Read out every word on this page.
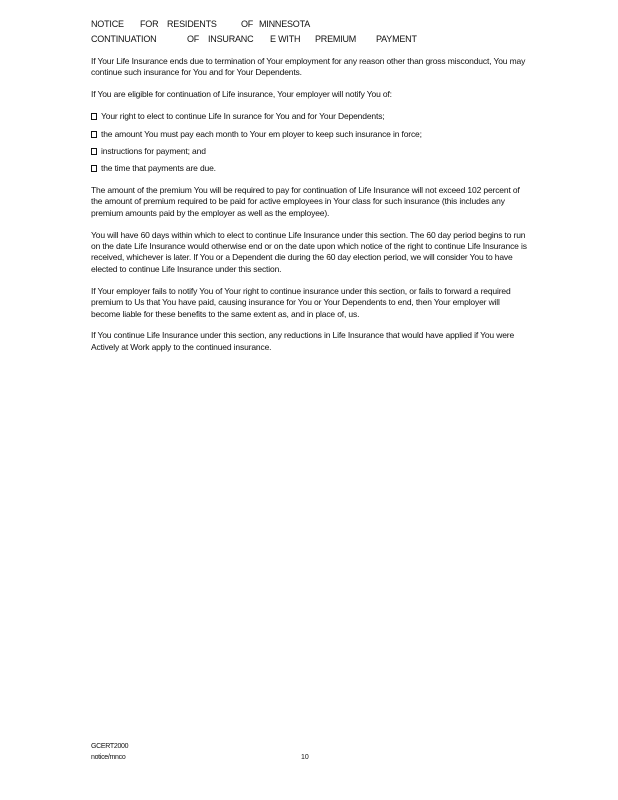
NOTICE	FOR RESIDENTS	OF MINNESOTA
CONTINUATION	OF INSURANC	E WITH	PREMIUM	PAYMENT

If Your Life Insurance ends due to termination of Your employment for any reason other than gross misconduct, You may continue such insurance for You and for Your Dependents.

If You are eligible for continuation of Life insurance, Your employer will notify You of:

Your right to elect to continue Life In surance for You and for Your Dependents;
the amount You must pay each month to Your em ployer to keep such insurance in force;
instructions for payment; and
the time that payments are due.

The amount of the premium You will be required to pay for continuation of Life Insurance will not exceed 102 percent of the amount of premium required to be paid for active employees in Your class for such insurance (this includes any premium amounts paid by the employer as well as the employee).

You will have 60 days within which to elect to continue Life Insurance under this section. The 60 day period begins to run on the date Life Insurance would otherwise end or on the date upon which notice of the right to continue Life Insurance is received, whichever is later. If You or a Dependent die during the 60 day election period, we will consider You to have elected to continue Life Insurance under this section.

If Your employer fails to notify You of Your right to continue insurance under this section, or fails to forward a required premium to Us that You have paid, causing insurance for You or Your Dependents to end, then Your employer will become liable for these benefits to the same extent as, and in place of, us.

If You continue Life Insurance under this section, any reductions in Life Insurance that would have applied if You were Actively at Work apply to the continued insurance.

GCERT2000
notice/mnco	10
